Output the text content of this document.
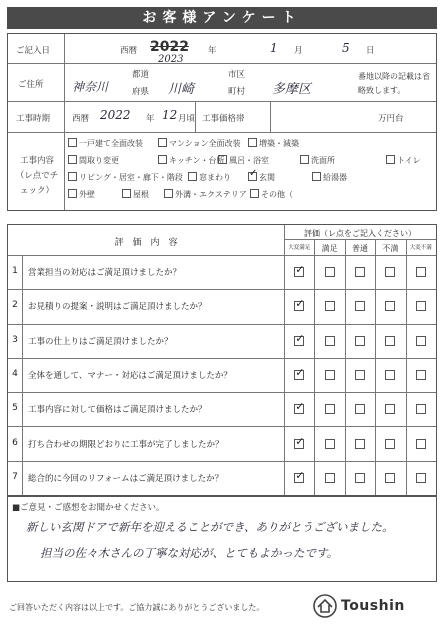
お客様アンケート
ご記入日	西暦 2022
2023
年	1 月	5 日
ご住所
都道
府県
神奈川	川崎
市区
町村 多摩区
番地以降の記載は省略致します。
工事時期	西暦 2022 年 12 月頃 工事価格帯	万円台
工事内容（レ点でチェック）
一戸建て全面改装	マンション全面改装	増築・減築
間取り変更	キッチン・台所 風呂・浴室	洗面所	トイレ
リビング・居室・廊下・階段	窓まわり
✓	玄関	給湯器
外壁	屋根	外溝・エクステリア	その他（
評　価　内　容
評価（レ点をご記入ください）
大変満足	満足	普通	不満	大変不満
1	営業担当の対応はご満足頂けましたか？
✓
2	お見積りの提案・説明はご満足頂けましたか？
✓
3	工事の仕上りはご満足頂けましたか？
✓
4	全体を通して、マナー・対応はご満足頂けましたか？
✓
5	工事内容に対して価格はご満足頂けましたか？
✓
6	打ち合わせの期限どおりに工事が完了しましたか？
✓
7	総合的に今回のリフォームはご満足頂けましたか？
✓
■ご意見・ご感想をお聞かせください。
新しい玄関ドアで新年を迎えることができ、ありがとうございました。
担当の佐々木さんの丁寧な対応が、とてもよかったです。
ご回答いただく内容は以上です。ご協力誠にありがとうございました。	Toushin
